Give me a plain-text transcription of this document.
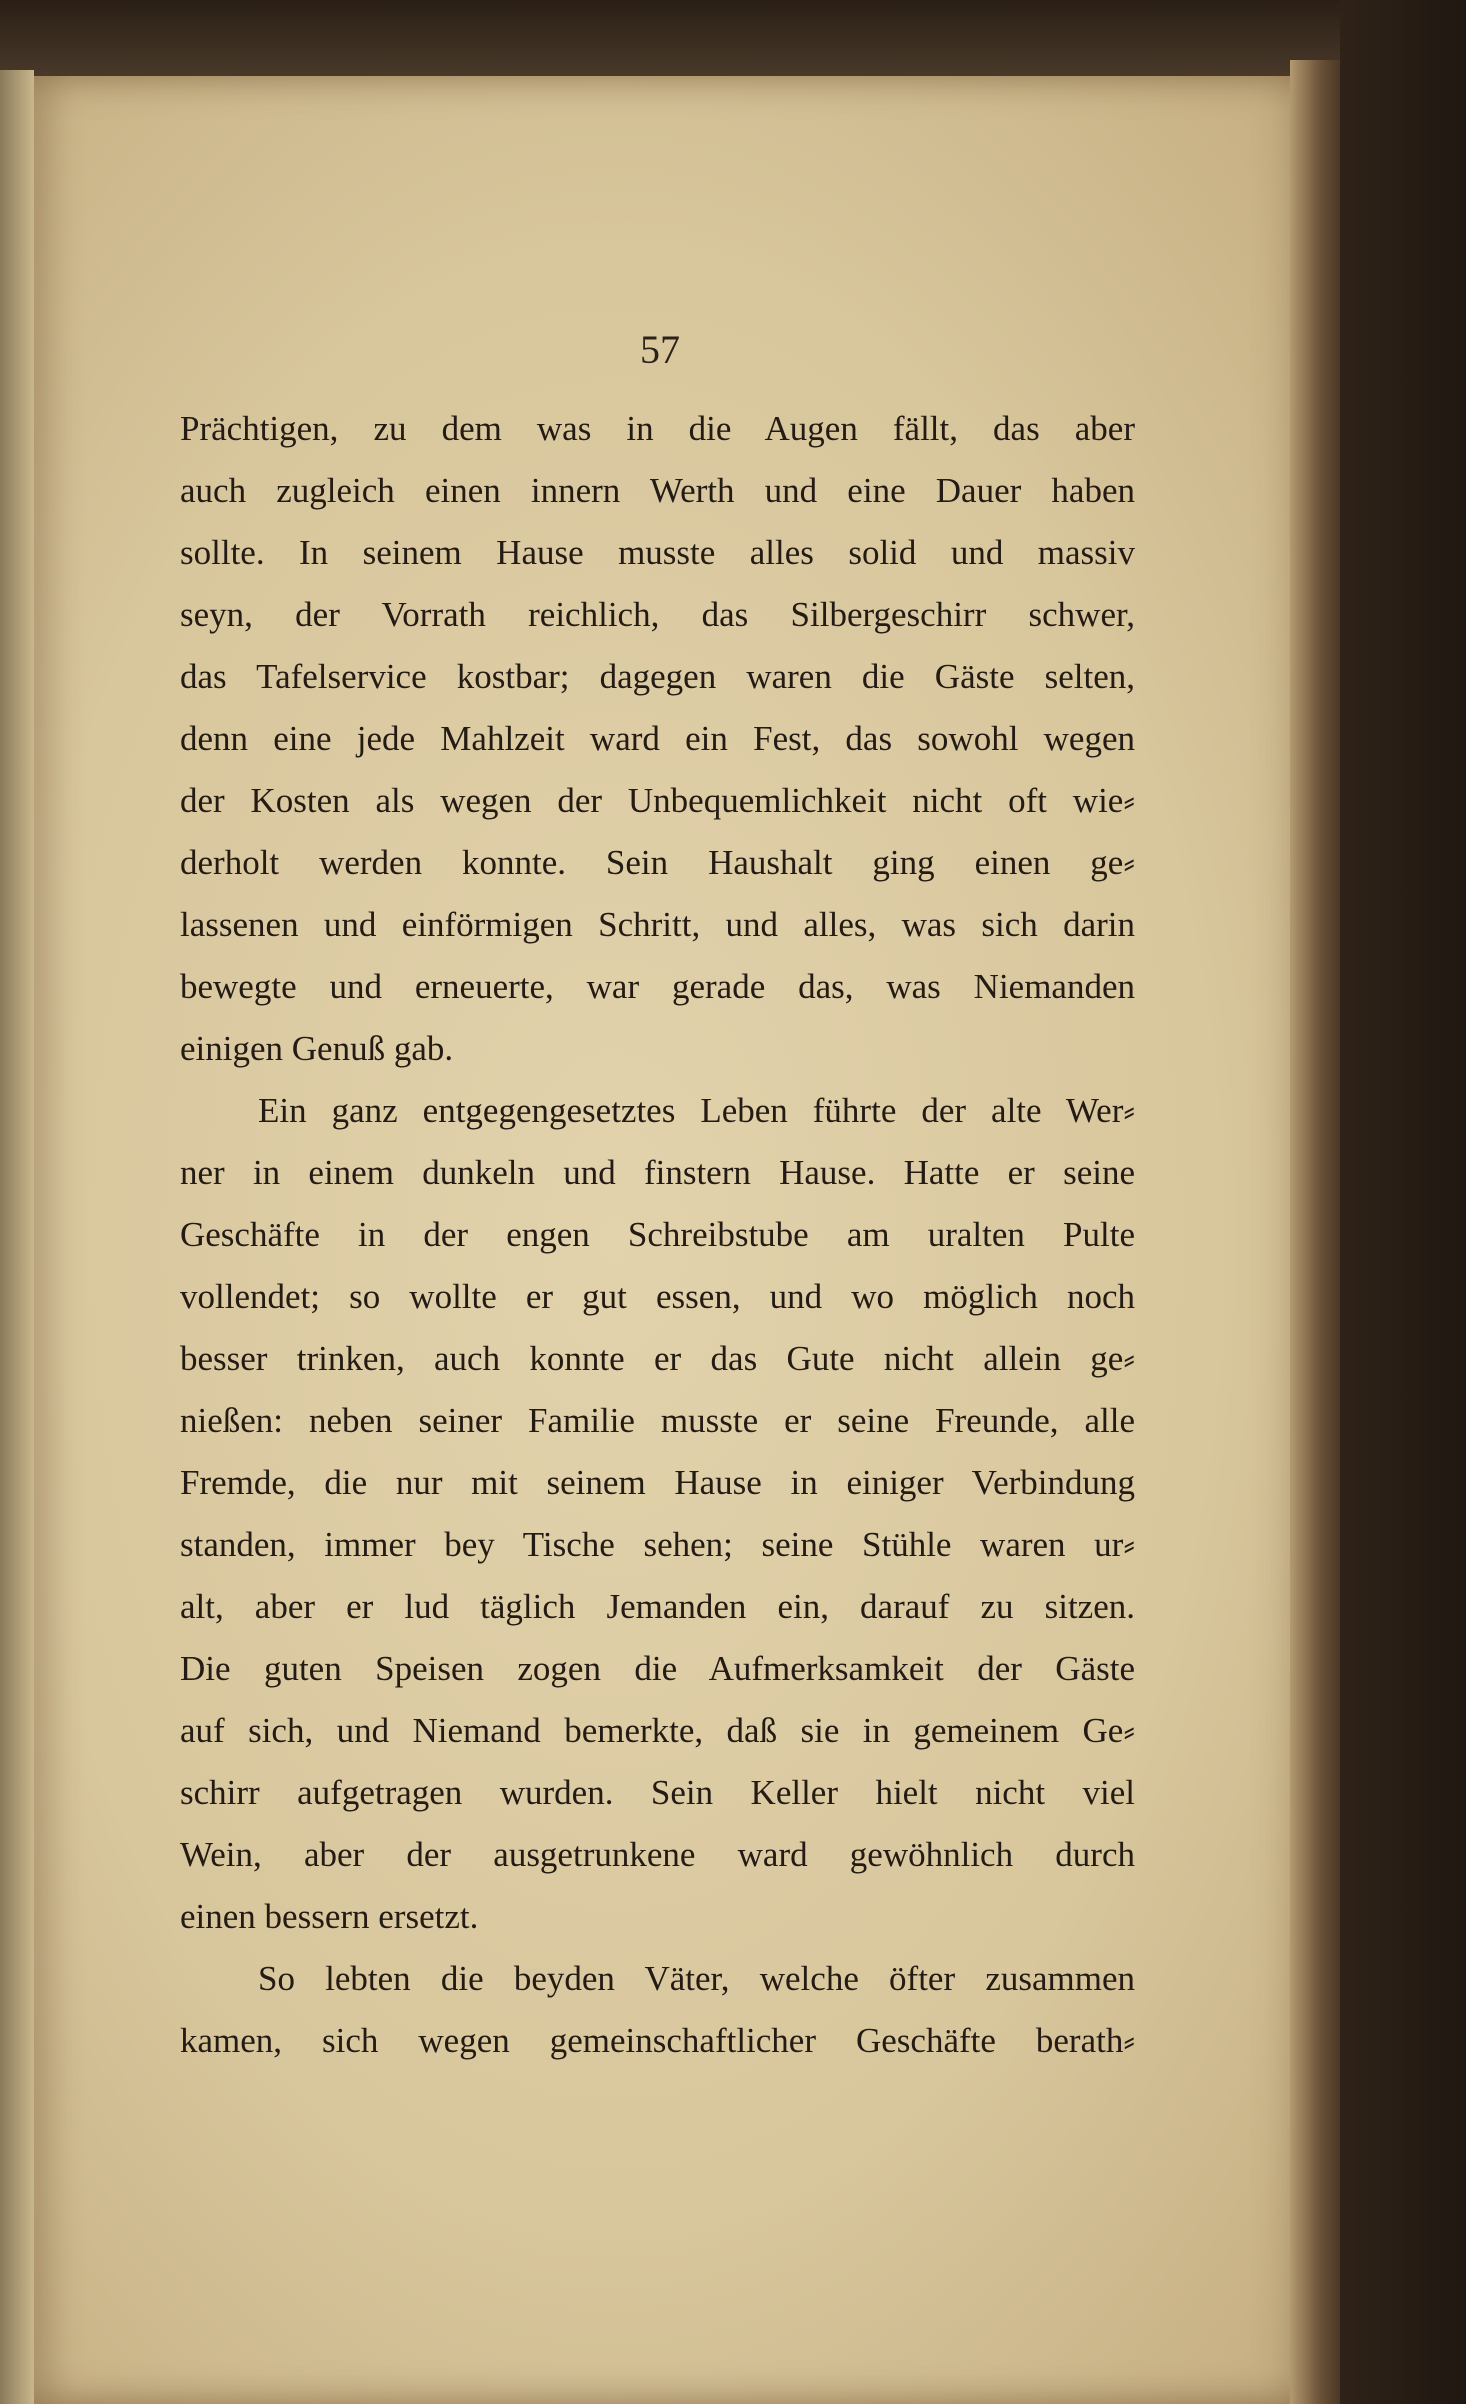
57
Prächtigen, zu dem was in die Augen fällt, das aber
auch zugleich einen innern Werth und eine Dauer haben
sollte. In seinem Hause musste alles solid und massiv
seyn, der Vorrath reichlich, das Silbergeschirr schwer,
das Tafelservice kostbar; dagegen waren die Gäste selten,
denn eine jede Mahlzeit ward ein Fest, das sowohl wegen
der Kosten als wegen der Unbequemlichkeit nicht oft wie⸗
derholt werden konnte. Sein Haushalt ging einen ge⸗
lassenen und einförmigen Schritt, und alles, was sich darin
bewegte und erneuerte, war gerade das, was Niemanden
einigen Genuß gab.
Ein ganz entgegengesetztes Leben führte der alte Wer⸗
ner in einem dunkeln und finstern Hause. Hatte er seine
Geschäfte in der engen Schreibstube am uralten Pulte
vollendet; so wollte er gut essen, und wo möglich noch
besser trinken, auch konnte er das Gute nicht allein ge⸗
nießen: neben seiner Familie musste er seine Freunde, alle
Fremde, die nur mit seinem Hause in einiger Verbindung
standen, immer bey Tische sehen; seine Stühle waren ur⸗
alt, aber er lud täglich Jemanden ein, darauf zu sitzen.
Die guten Speisen zogen die Aufmerksamkeit der Gäste
auf sich, und Niemand bemerkte, daß sie in gemeinem Ge⸗
schirr aufgetragen wurden. Sein Keller hielt nicht viel
Wein, aber der ausgetrunkene ward gewöhnlich durch
einen bessern ersetzt.
So lebten die beyden Väter, welche öfter zusammen
kamen, sich wegen gemeinschaftlicher Geschäfte berath⸗
